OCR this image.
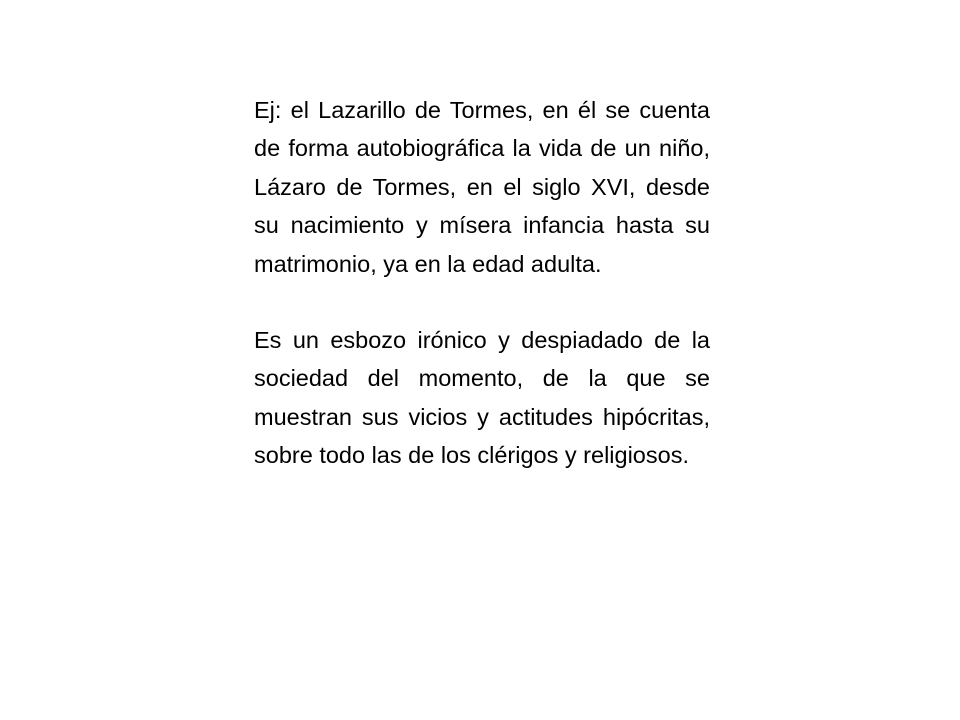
Ej: el Lazarillo de Tormes, en él se cuenta de forma autobiográfica la vida de un niño, Lázaro de Tormes, en el siglo XVI, desde su nacimiento y mísera infancia hasta su matrimonio, ya en la edad adulta.

Es un esbozo irónico y despiadado de la sociedad del momento, de la que se muestran sus vicios y actitudes hipócritas, sobre todo las de los clérigos y religiosos.
